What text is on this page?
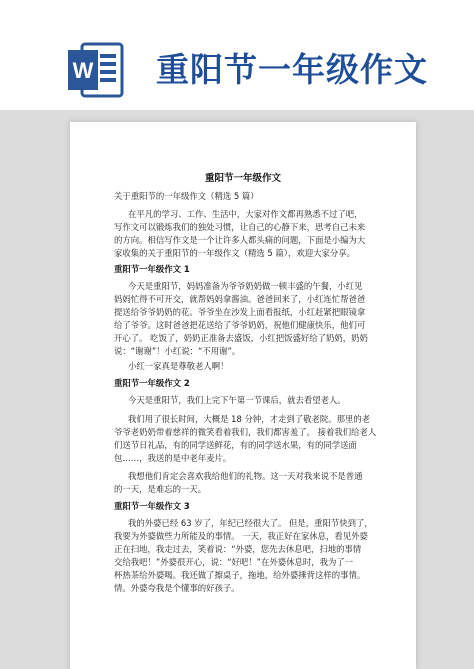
W 重阳节一年级作文
重阳节一年级作文
关于重阳节的一年级作文（精选 5 篇）
在平凡的学习、工作、生活中，大家对作文都再熟悉不过了吧，
写作文可以锻炼我们的独处习惯，让自己的心静下来，思考自己未来
的方向。相信写作文是一个让许多人都头痛的问题，下面是小编为大
家收集的关于重阳节的一年级作文（精选 5 篇），欢迎大家分享。
重阳节一年级作文 1
今天是重阳节，妈妈准备为爷爷奶奶做一顿丰盛的午餐，小红见
妈妈忙得不可开交，就帮妈妈拿酱油。爸爸回来了，小红连忙帮爸爸
提送给爷爷奶奶的花。爷爷坐在沙发上面看报纸，小红赶紧把眼镜拿
给了爷爷。这时爸爸把花送给了爷爷奶奶，祝他们健康快乐，他们可
开心了。 吃饭了，奶奶正准备去盛饭，小红把饭盛好给了奶奶，奶奶
说：“谢谢”！小红说：“不用谢”。
小红一家真是尊敬老人啊！
重阳节一年级作文 2
今天是重阳节，我们上完下午第一节课后，就去看望老人。
我们用了很长时间，大概是 18 分钟，才走到了敬老院。那里的老
爷爷老奶奶带着慈祥的微笑看着我们，我们都害羞了。 接着我们给老人
们送节日礼品，有的同学送鲜花，有的同学送水果，有的同学送面
包……，我送的是中老年麦片。
我想他们肯定会喜欢我给他们的礼物。这一天对我来说不是普通
的一天，是难忘的一天。
重阳节一年级作文 3
我的外婆已经 63 岁了，年纪已经很大了。 但是，重阳节快到了，
我要为外婆做些力所能及的事情。 一天，我正好在家休息，看见外婆
正在扫地，我走过去，笑着说：“外婆，您先去休息吧，扫地的事情
交给我吧！”外婆很开心，说：“好吧！”在外婆休息时，我为了一
杯热茶给外婆喝。我还做了擦桌子，拖地，给外婆捶背这样的事情。
情。外婆夸我是个懂事的好孩子。
